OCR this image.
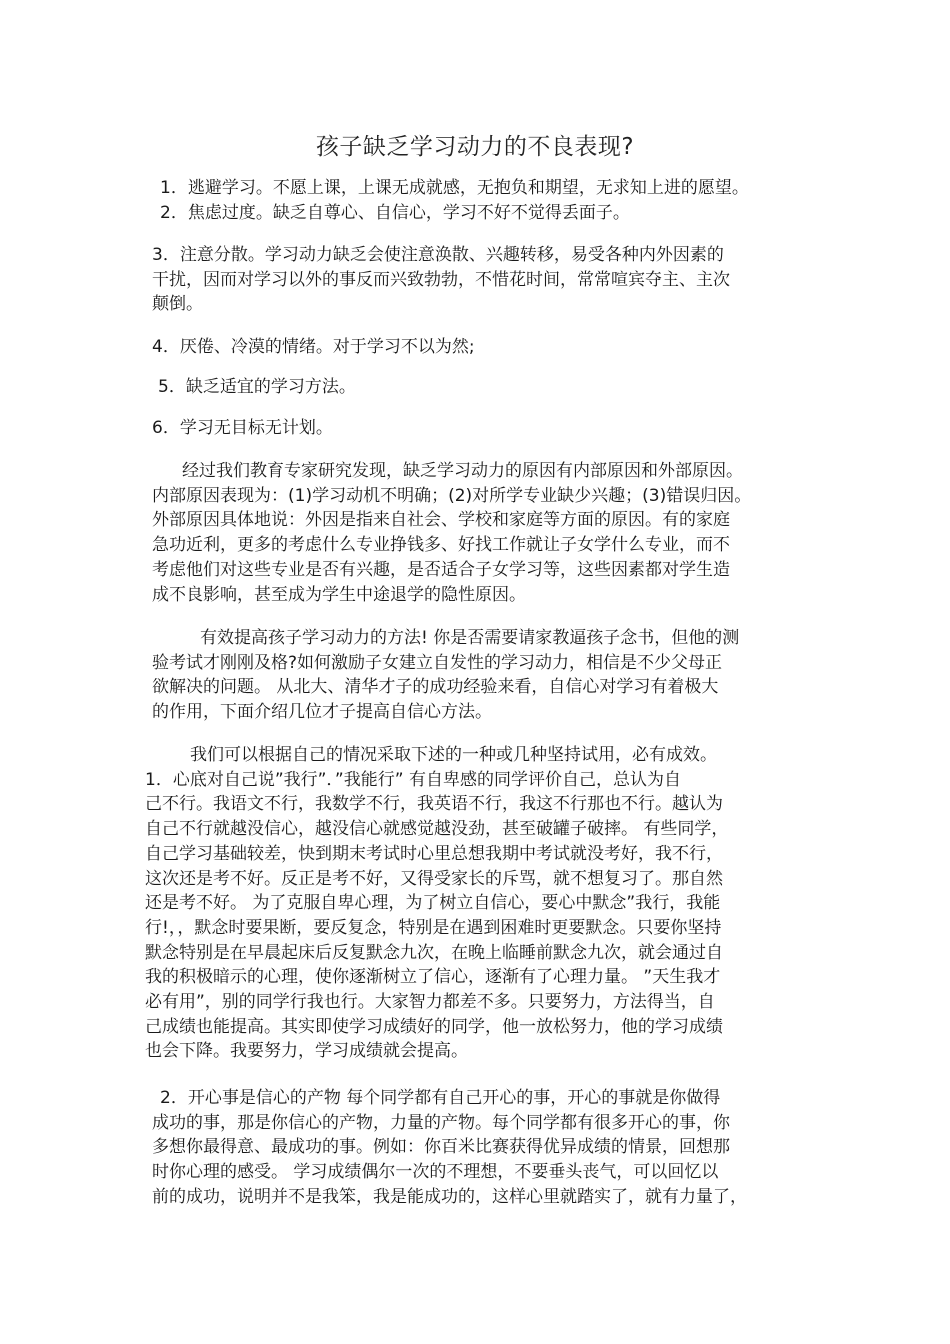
孩子缺乏学习动力的不良表现?
1．逃避学习。不愿上课，上课无成就感，无抱负和期望，无求知上进的愿望。
2．焦虑过度。缺乏自尊心、自信心，学习不好不觉得丢面子。
3．注意分散。学习动力缺乏会使注意涣散、兴趣转移，易受各种内外因素的
干扰，因而对学习以外的事反而兴致勃勃，不惜花时间，常常喧宾夺主、主次
颠倒。
4．厌倦、冷漠的情绪。对于学习不以为然;
5．缺乏适宜的学习方法。
6．学习无目标无计划。
经过我们教育专家研究发现，缺乏学习动力的原因有内部原因和外部原因。
内部原因表现为：(1)学习动机不明确；(2)对所学专业缺少兴趣；(3)错误归因。
外部原因具体地说：外因是指来自社会、学校和家庭等方面的原因。有的家庭
急功近利，更多的考虑什么专业挣钱多、好找工作就让子女学什么专业，而不
考虑他们对这些专业是否有兴趣，是否适合子女学习等，这些因素都对学生造
成不良影响，甚至成为学生中途退学的隐性原因。
有效提高孩子学习动力的方法! 你是否需要请家教逼孩子念书，但他的测
验考试才刚刚及格?如何激励子女建立自发性的学习动力，相信是不少父母正
欲解决的问题。 从北大、清华才子的成功经验来看，自信心对学习有着极大
的作用，下面介绍几位才子提高自信心方法。
我们可以根据自己的情况采取下述的一种或几种坚持试用，必有成效。
1．心底对自己说”我行”．”我能行” 有自卑感的同学评价自己，总认为自
己不行。我语文不行，我数学不行，我英语不行，我这不行那也不行。越认为
自己不行就越没信心，越没信心就感觉越没劲，甚至破罐子破摔。 有些同学，
自己学习基础较差，快到期末考试时心里总想我期中考试就没考好，我不行，
这次还是考不好。反正是考不好，又得受家长的斥骂，就不想复习了。那自然
还是考不好。 为了克服自卑心理，为了树立自信心，要心中默念”我行，我能
行!，，默念时要果断，要反复念，特别是在遇到困难时更要默念。只要你坚持
默念特别是在早晨起床后反复默念九次，在晚上临睡前默念九次，就会通过自
我的积极暗示的心理，使你逐渐树立了信心，逐渐有了心理力量。 ”天生我才
必有用”，别的同学行我也行。大家智力都差不多。只要努力，方法得当，自
己成绩也能提高。其实即使学习成绩好的同学，他一放松努力，他的学习成绩
也会下降。我要努力，学习成绩就会提高。
2．开心事是信心的产物 每个同学都有自己开心的事，开心的事就是你做得
成功的事，那是你信心的产物，力量的产物。每个同学都有很多开心的事，你
多想你最得意、最成功的事。例如：你百米比赛获得优异成绩的情景，回想那
时你心理的感受。 学习成绩偶尔一次的不理想，不要垂头丧气，可以回忆以
前的成功，说明并不是我笨，我是能成功的，这样心里就踏实了，就有力量了，
